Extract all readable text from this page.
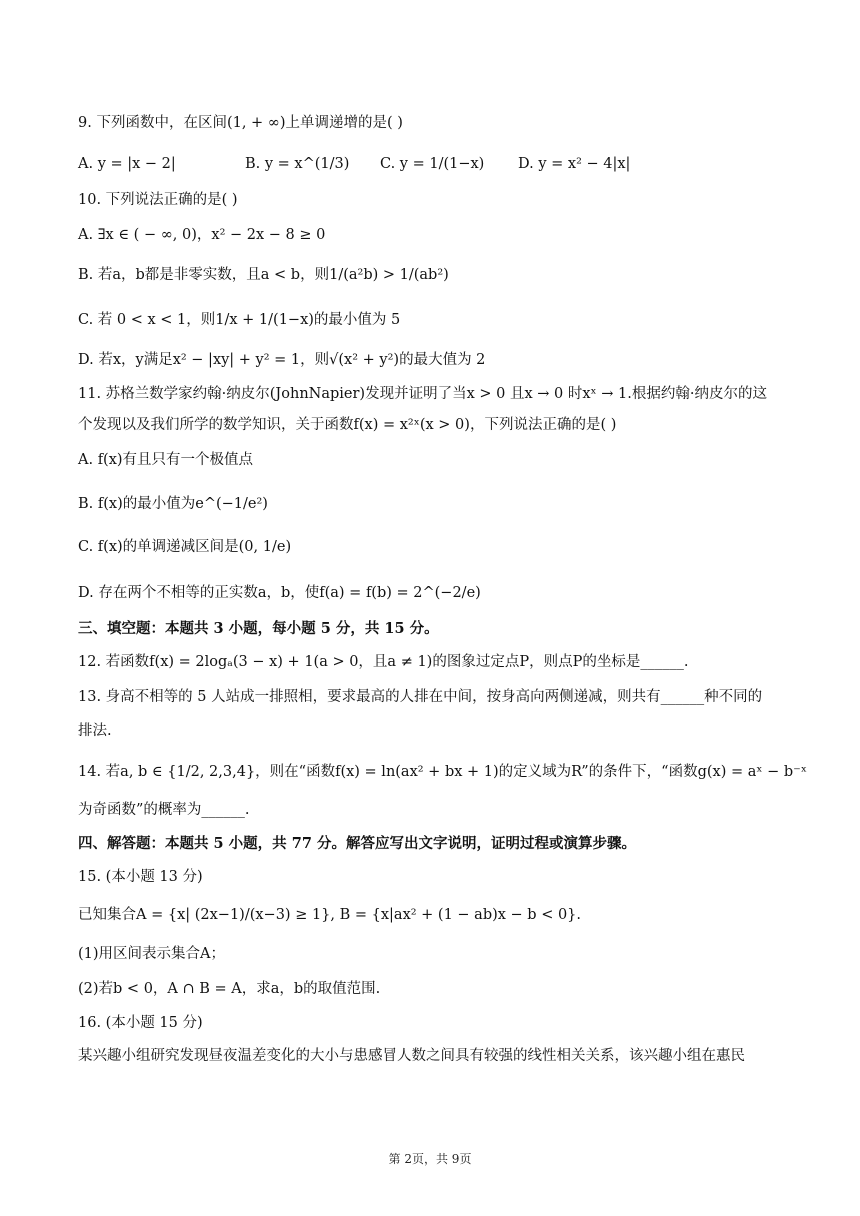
9. 下列函数中，在区间(1, + ∞)上单调递增的是( )
A. y = |x − 2|	B. y = x^(1/3) C. y = 1/(1−x) D. y = x² − 4|x|
10. 下列说法正确的是( )
A. ∃x ∈ ( − ∞, 0)，x² − 2x − 8 ≥ 0
B. 若a，b都是非零实数，且a < b，则1/(a²b) > 1/(ab²)
C. 若 0 < x < 1，则1/x + 1/(1−x)的最小值为 5
D. 若x，y满足x² − |xy| + y² = 1，则√(x² + y²)的最大值为 2
11. 苏格兰数学家约翰·纳皮尔(JohnNapier)发现并证明了当x > 0 且x → 0 时xˣ → 1.根据约翰·纳皮尔的这
个发现以及我们所学的数学知识，关于函数f(x) = x²ˣ(x > 0)，下列说法正确的是( )
A. f(x)有且只有一个极值点
B. f(x)的最小值为e^(−1/e²)
C. f(x)的单调递减区间是(0, 1/e)
D. 存在两个不相等的正实数a，b，使f(a) = f(b) = 2^(−2/e)
三、填空题：本题共 3 小题，每小题 5 分，共 15 分。
12. 若函数f(x) = 2logₐ(3 − x) + 1(a > 0，且a ≠ 1)的图象过定点P，则点P的坐标是______.
13. 身高不相等的 5 人站成一排照相，要求最高的人排在中间，按身高向两侧递减，则共有______种不同的
排法.
14. 若a, b ∈ {1/2, 2,3,4}，则在“函数f(x) = ln(ax² + bx + 1)的定义域为R”的条件下，“函数g(x) = aˣ − b⁻ˣ
为奇函数”的概率为______.
四、解答题：本题共 5 小题，共 77 分。解答应写出文字说明，证明过程或演算步骤。
15. (本小题 13 分)
已知集合A = {x| (2x−1)/(x−3) ≥ 1}, B = {x|ax² + (1 − ab)x − b < 0}.
(1)用区间表示集合A；
(2)若b < 0，A ∩ B = A，求a，b的取值范围.
16. (本小题 15 分)
某兴趣小组研究发现昼夜温差变化的大小与患感冒人数之间具有较强的线性相关关系，该兴趣小组在惠民
第 2页，共 9页
